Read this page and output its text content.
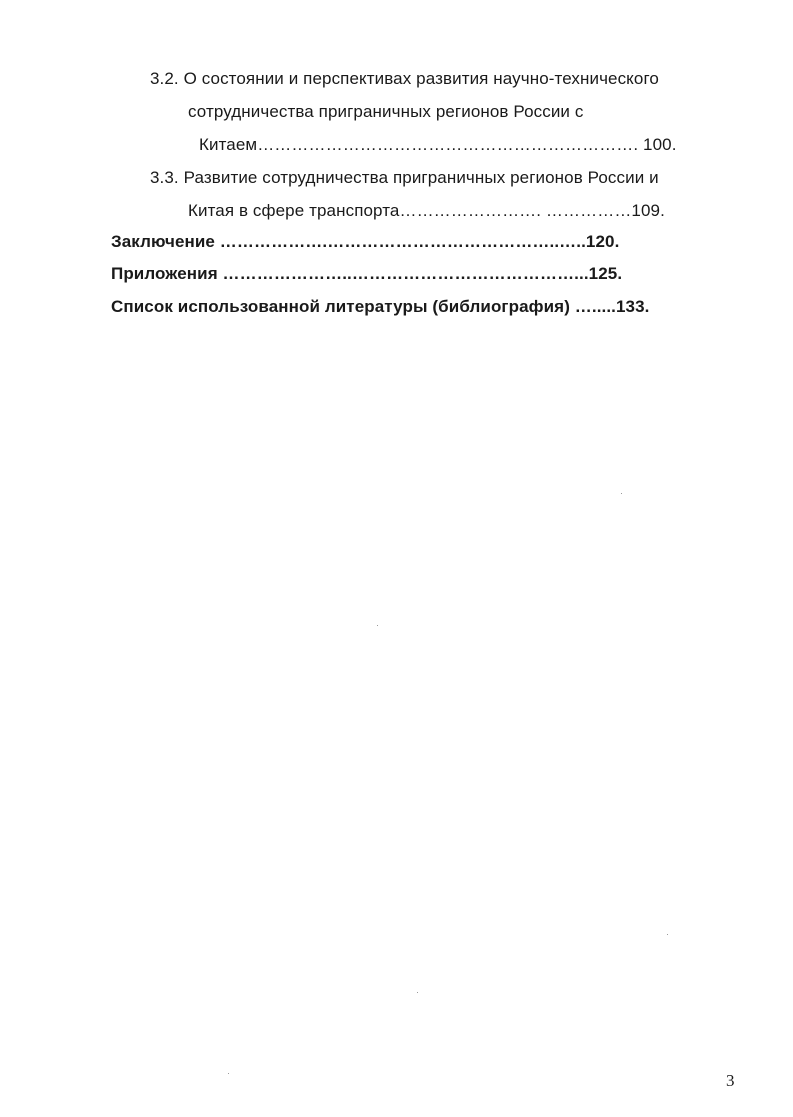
3.2. О состоянии и перспективах развития научно-технического
сотрудничества приграничных регионов России с
Китаем…………………………………………………………. 100.
3.3. Развитие сотрудничества приграничных регионов России и
Китая в сфере транспорта……………………. ……………109.
Заключение ……………….…………………………………..…..120.
Приложения …………………..…………………………………...125.
Список использованной литературы (библиография) ….....133.
3
